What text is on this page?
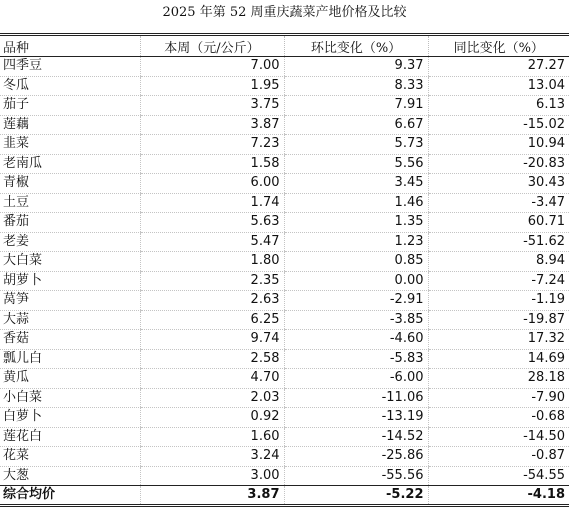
2025 年第 52 周重庆蔬菜产地价格及比较
品种	本周（元/公斤）	环比变化（%）	同比变化（%）
四季豆	7.00	9.37	27.27
冬瓜	1.95	8.33	13.04
茄子	3.75	7.91	6.13
莲藕	3.87	6.67	-15.02
韭菜	7.23	5.73	10.94
老南瓜	1.58	5.56	-20.83
青椒	6.00	3.45	30.43
土豆	1.74	1.46	-3.47
番茄	5.63	1.35	60.71
老姜	5.47	1.23	-51.62
大白菜	1.80	0.85	8.94
胡萝卜	2.35	0.00	-7.24
莴笋	2.63	-2.91	-1.19
大蒜	6.25	-3.85	-19.87
香菇	9.74	-4.60	17.32
瓢儿白	2.58	-5.83	14.69
黄瓜	4.70	-6.00	28.18
小白菜	2.03	-11.06	-7.90
白萝卜	0.92	-13.19	-0.68
莲花白	1.60	-14.52	-14.50
花菜	3.24	-25.86	-0.87
大葱	3.00	-55.56	-54.55
综合均价	3.87	-5.22	-4.18
